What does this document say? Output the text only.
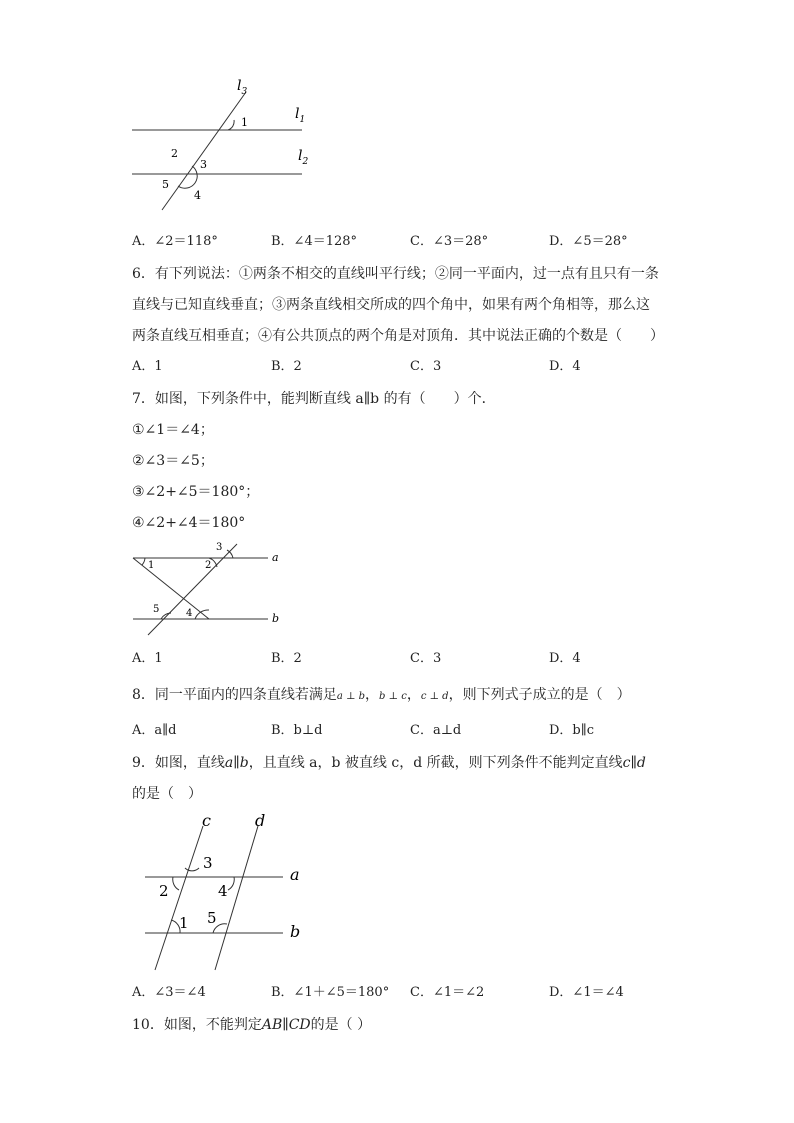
$l_3$
$l_1$
$l_2$
1
2
3
5
4
A．∠2＝118°	B．∠4＝128°	C．∠3＝28°	D．∠5＝28°
6．有下列说法：①两条不相交的直线叫平行线；②同一平面内，过一点有且只有一条
直线与已知直线垂直；③两条直线相交所成的四个角中，如果有两个角相等，那么这
两条直线互相垂直；④有公共顶点的两个角是对顶角．其中说法正确的个数是（　　）
A．1	B．2	C．3	D．4
7．如图，下列条件中，能判断直线 a∥b 的有（　　）个．
①∠1＝∠4；
②∠3＝∠5；
③∠2+∠5＝180°；
④∠2+∠4＝180°
1	2
3
5	4
a
b
A．1	B．2	C．3	D．4
8．同一平面内的四条直线若满足a ⊥ b，b ⊥ c，c ⊥ d，则下列式子成立的是（　）
A．a∥d	B．b⊥d	C．a⊥d	D．b∥c
9．如图，直线a∥b，且直线 a，b 被直线 c，d 所截，则下列条件不能判定直线c∥d
的是（　）
c	d
a
b
3
2	4
5
1
A．∠3＝∠4	B．∠1＋∠5＝180° C．∠1＝∠2	D．∠1＝∠4
10．如图，不能判定AB∥CD的是（ ）
